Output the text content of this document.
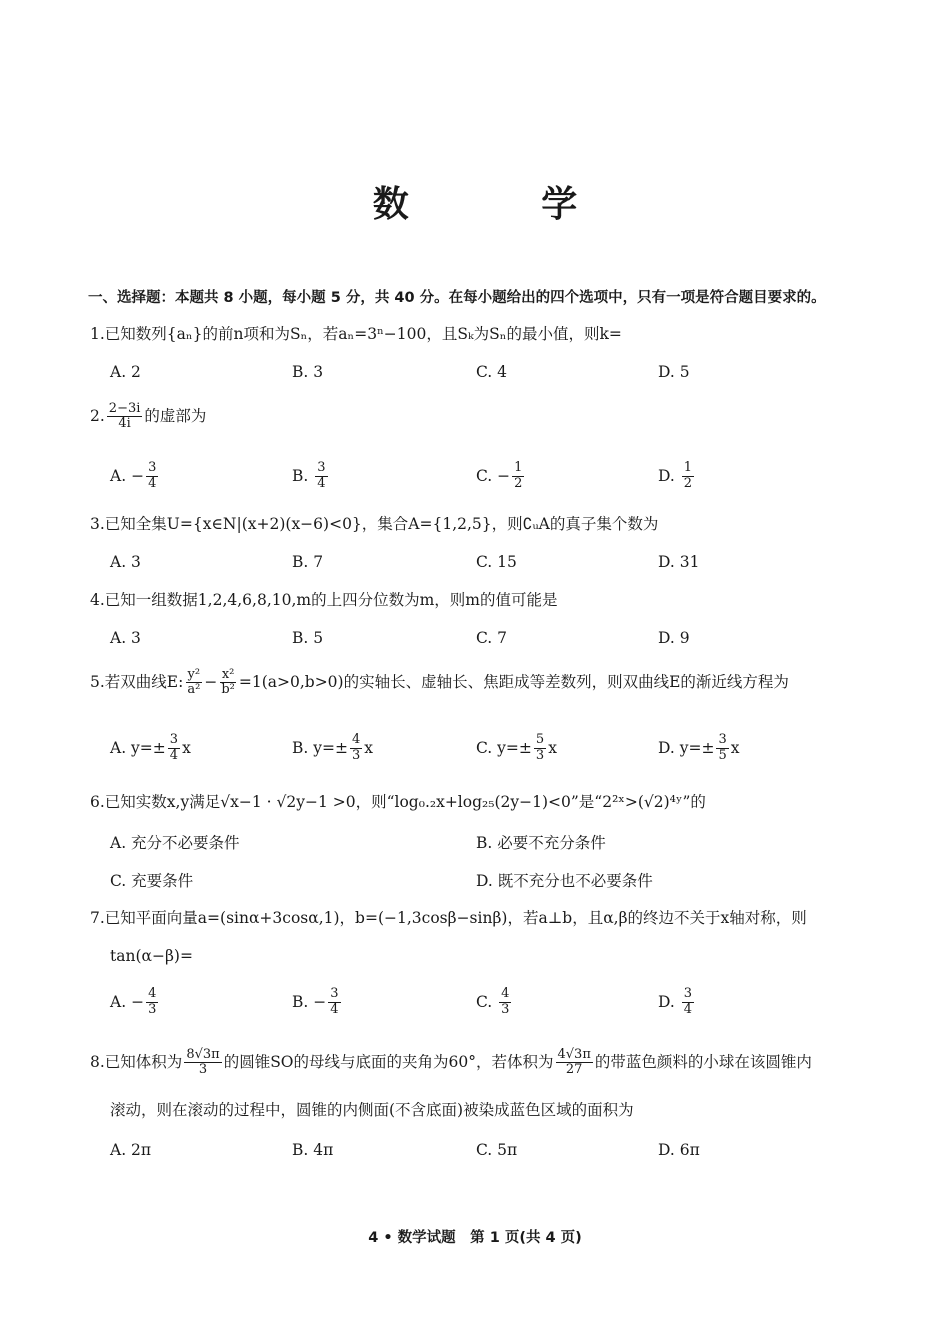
数 学
一、选择题：本题共 8 小题，每小题 5 分，共 40 分。在每小题给出的四个选项中，只有一项是符合题目要求的。
1.已知数列{aₙ}的前n项和为Sₙ，若aₙ=3ⁿ−100，且Sₖ为Sₙ的最小值，则k=
A. 2	B. 3	C. 4	D. 5
2. $\frac{2-3i}{4i}$ 的虚部为
A.
− $\frac{3}{4}$	B.
$\frac{3}{4}$	C.
− $\frac{1}{2}$	D.
$\frac{1}{2}$
3.已知全集U={x∈N|(x+2)(x−6)<0}，集合A={1,2,5}，则∁ᵤA的真子集个数为
A. 3	B. 7	C. 15	D. 31
4.已知一组数据1,2,4,6,8,10,m的上四分位数为m，则m的值可能是
A. 3	B. 5	C. 7	D. 9
5.若双曲线E: $\frac{\text{y²}}{\text{a²}} - \frac{\text{x²}}{\text{b²}} =1(a>0,b>0)$的实轴长、虚轴长、焦距成等差数列，则双曲线E的渐近线方程为
A. $y=\pm \frac{3}{4}$ x	B. $y=\pm \frac{4}{3}$ x	C. $y=\pm \frac{5}{3}$ x	D. $y=\pm \frac{3}{5}$ x
6.已知实数x,y满足√x−1 · √2y−1 >0，则“log₀.₂x+log₂₅(2y−1)<0”是“2²ˣ>(√2)⁴ʸ”的
A. 充分不必要条件	B. 必要不充分条件
C. 充要条件	D. 既不充分也不必要条件
7.已知平面向量a=(sinα+3cosα,1)，b=(−1,3cosβ−sinβ)，若a⊥b，且α,β的终边不关于x轴对称，则
tan(α−β)=
A.
− $\frac{4}{3}$	B.
− $\frac{3}{4}$	C.
$\frac{4}{3}$	D.
$\frac{3}{4}$
8.已知体积为 $\frac{8√3\pi}{3}$ 的圆锥SO的母线与底面的夹角为60°，若体积为 $\frac{4√3\pi}{27}$ 的带蓝色颜料的小球在该圆锥内
滚动，则在滚动的过程中，圆锥的内侧面(不含底面)被染成蓝色区域的面积为
A. 2π	B. 4π	C. 5π	D. 6π
4 • 数学试题　第 1 页(共 4 页)
